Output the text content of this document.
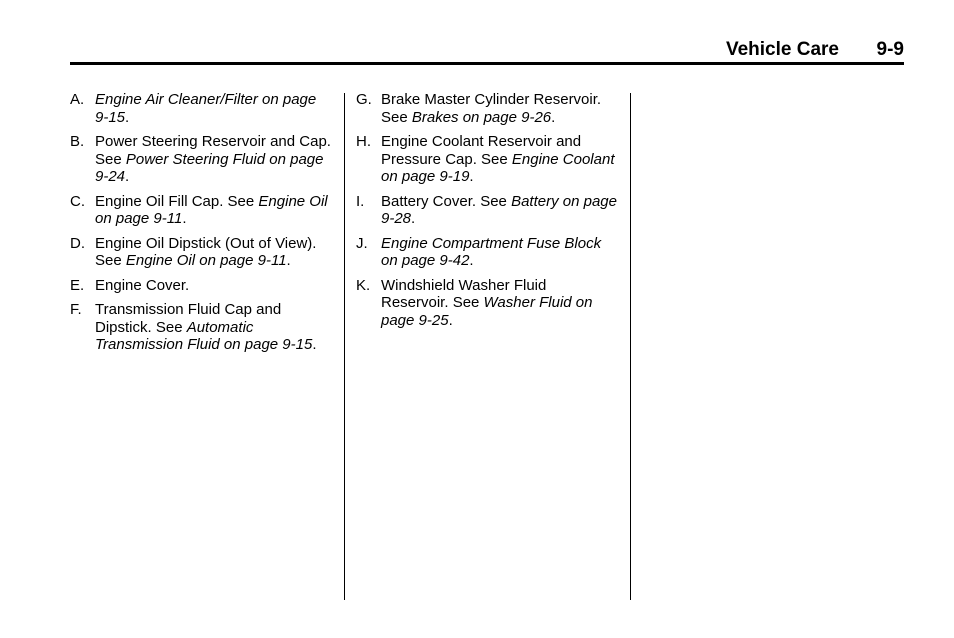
Vehicle Care 9-9
A. Engine Air Cleaner/Filter on page 9-15.
B. Power Steering Reservoir and Cap. See Power Steering Fluid on page 9-24.
C. Engine Oil Fill Cap. See Engine Oil on page 9-11.
D. Engine Oil Dipstick (Out of View). See Engine Oil on page 9-11.
E. Engine Cover.
F. Transmission Fluid Cap and Dipstick. See Automatic Transmission Fluid on page 9-15.
G. Brake Master Cylinder Reservoir. See Brakes on page 9-26.
H. Engine Coolant Reservoir and Pressure Cap. See Engine Coolant on page 9-19.
I. Battery Cover. See Battery on page 9-28.
J. Engine Compartment Fuse Block on page 9-42.
K. Windshield Washer Fluid Reservoir. See Washer Fluid on page 9-25.
